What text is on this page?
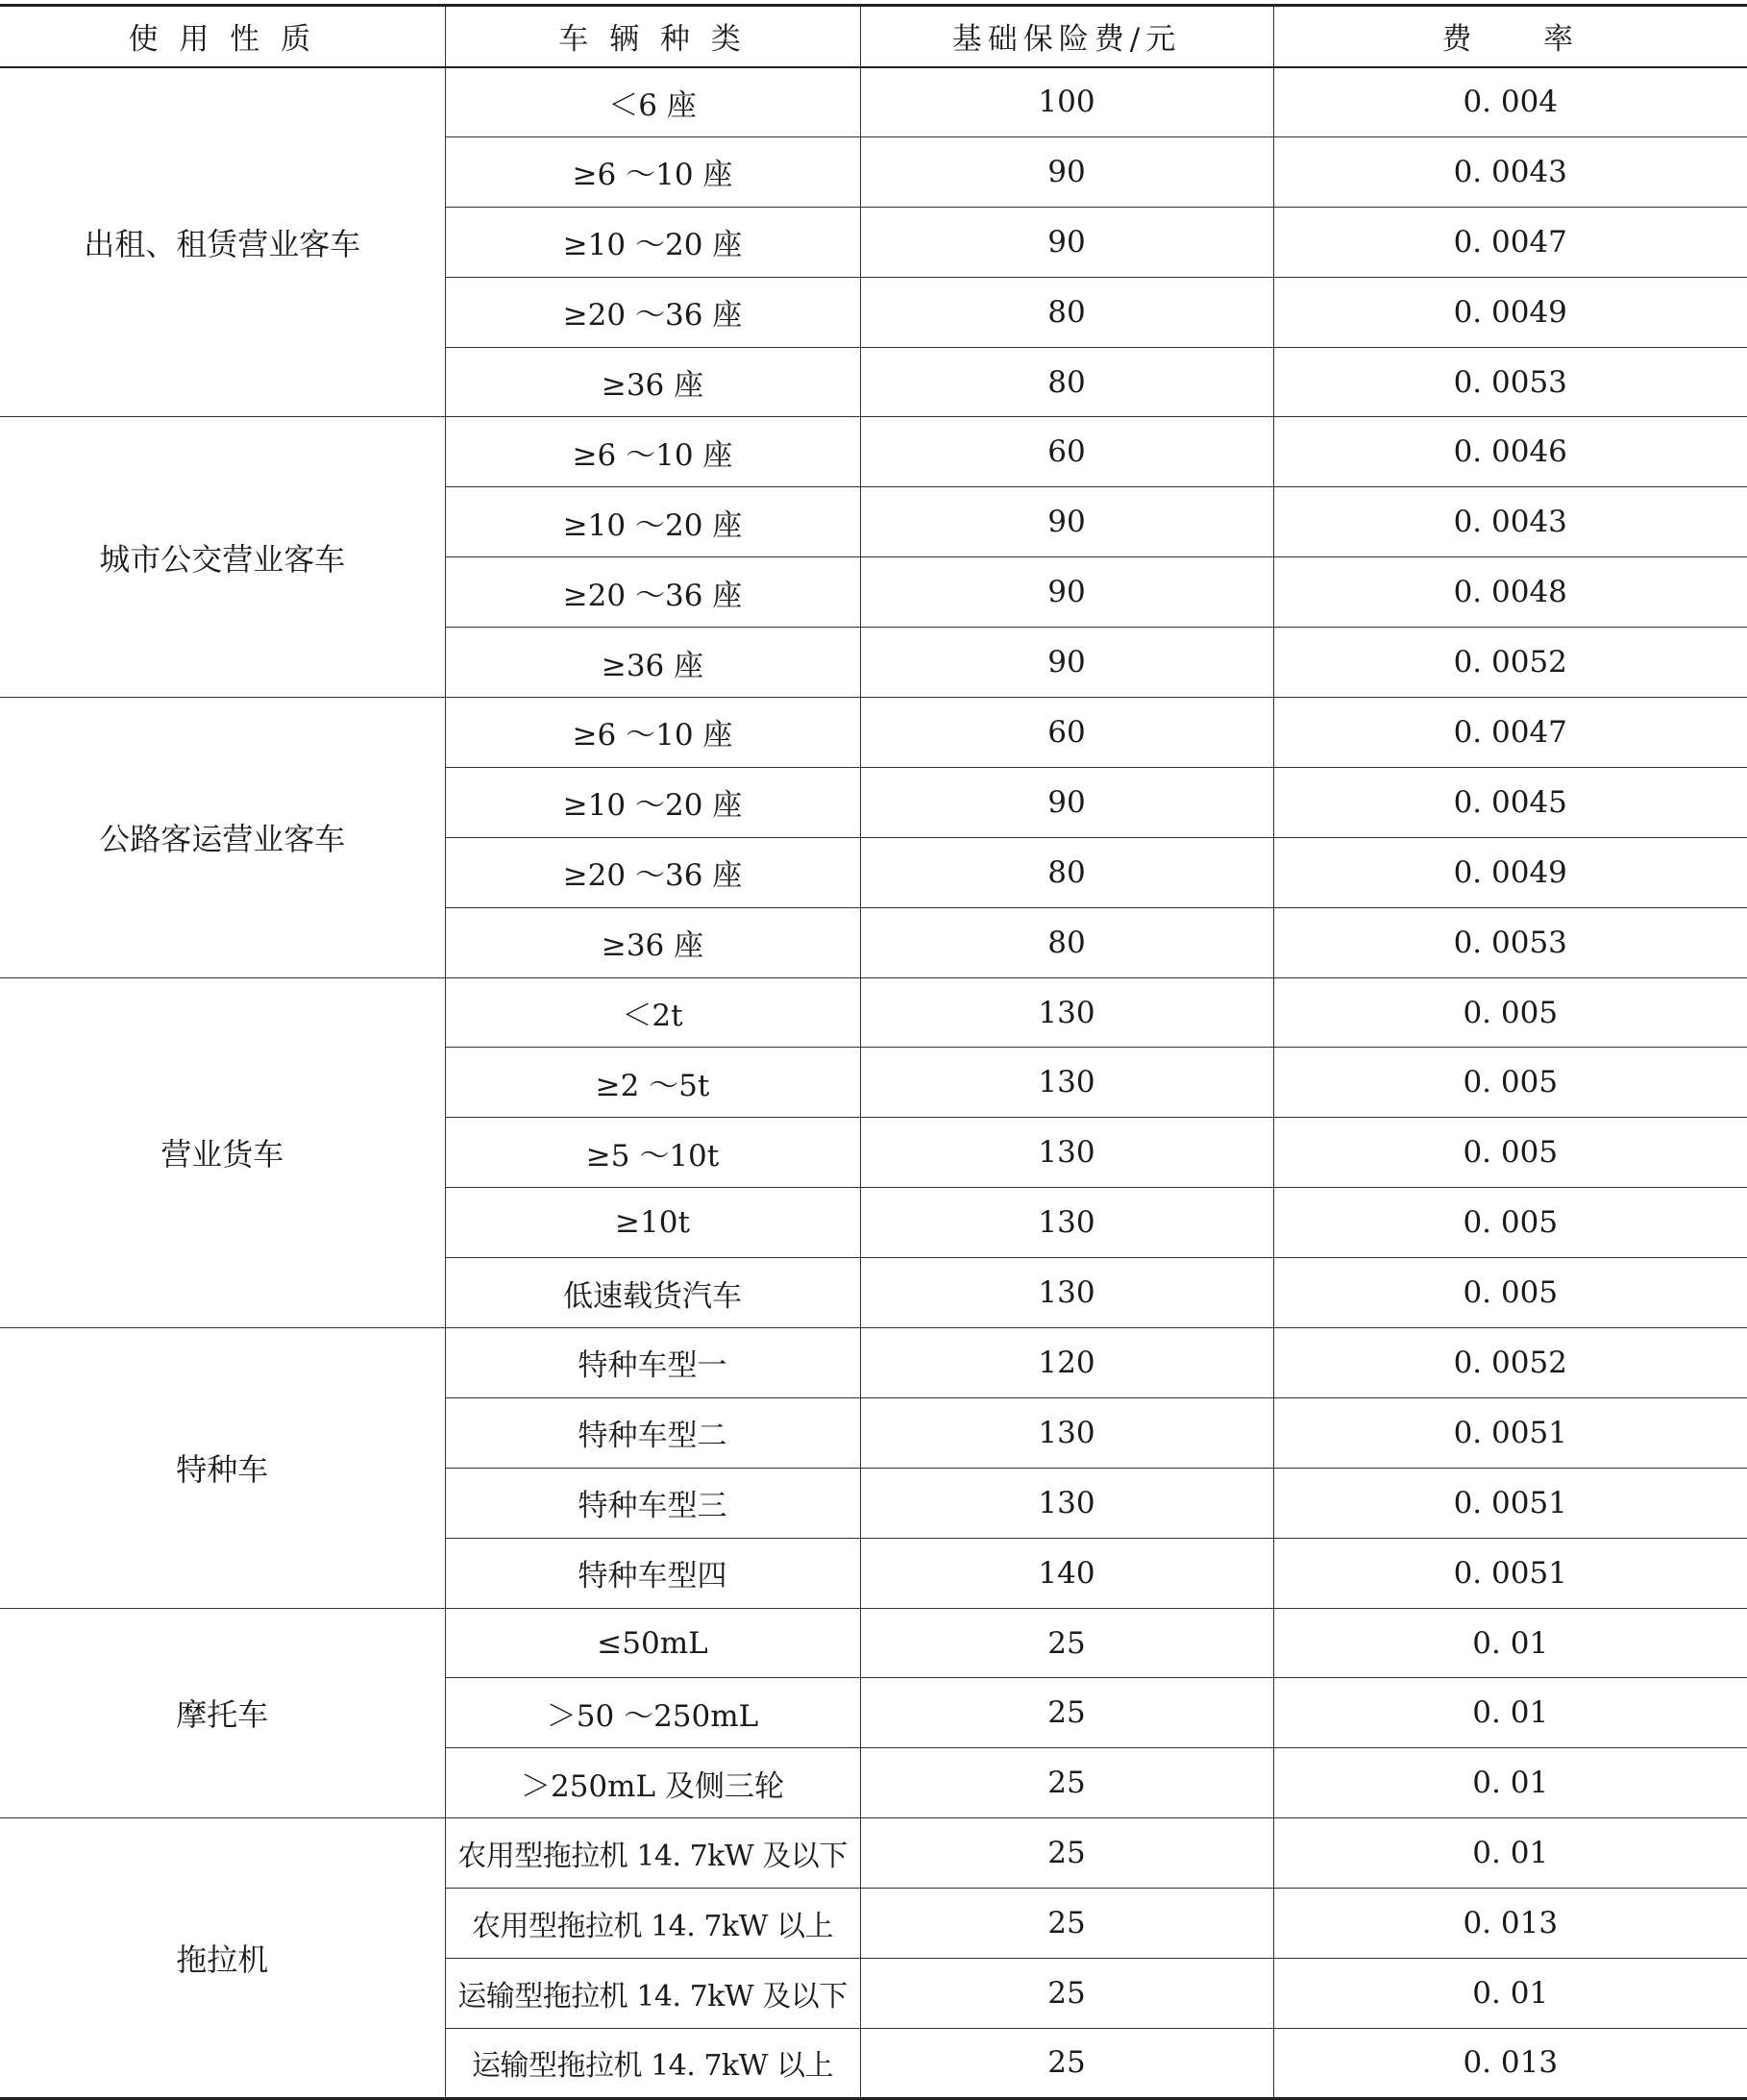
使 用 性 质	车 辆 种 类	基础保险费/元	费 　 率
出租、租赁营业客车	＜6 座	100	0. 004
	≥6 ～10 座	90	0. 0043
	≥10 ～20 座	90	0. 0047
	≥20 ～36 座	80	0. 0049
	≥36 座	80	0. 0053
城市公交营业客车	≥6 ～10 座	60	0. 0046
	≥10 ～20 座	90	0. 0043
	≥20 ～36 座	90	0. 0048
	≥36 座	90	0. 0052
公路客运营业客车	≥6 ～10 座	60	0. 0047
	≥10 ～20 座	90	0. 0045
	≥20 ～36 座	80	0. 0049
	≥36 座	80	0. 0053
营业货车	＜2t	130	0. 005
	≥2 ～5t	130	0. 005
	≥5 ～10t	130	0. 005
	≥10t	130	0. 005
	低速载货汽车	130	0. 005
特种车	特种车型一	120	0. 0052
	特种车型二	130	0. 0051
	特种车型三	130	0. 0051
	特种车型四	140	0. 0051
摩托车	≤50mL	25	0. 01
	＞50 ～250mL	25	0. 01
	＞250mL 及侧三轮	25	0. 01
拖拉机	农用型拖拉机 14. 7kW 及以下	25	0. 01
	农用型拖拉机 14. 7kW 以上	25	0. 013
	运输型拖拉机 14. 7kW 及以下	25	0. 01
	运输型拖拉机 14. 7kW 以上	25	0. 013
